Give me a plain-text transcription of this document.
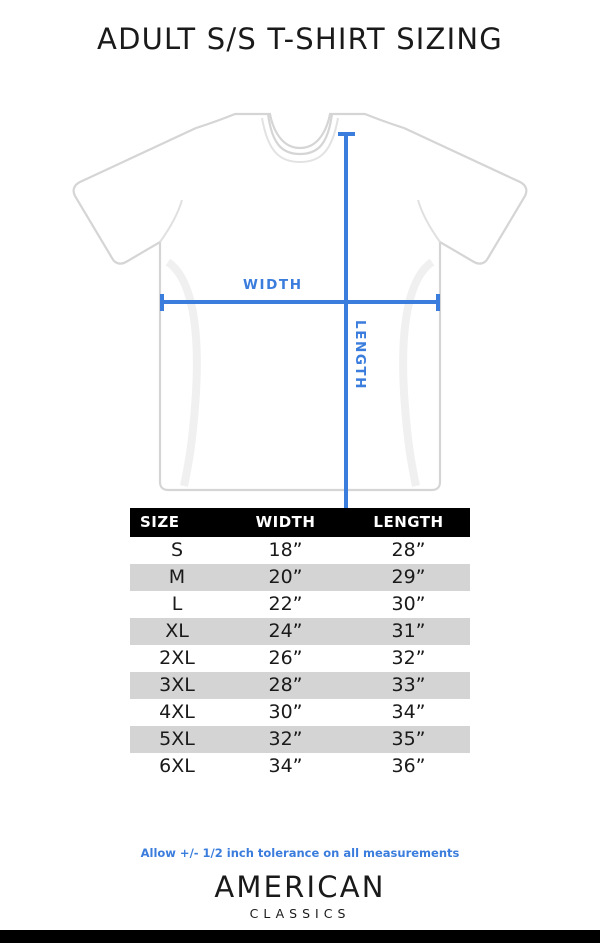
ADULT S/S T-SHIRT SIZING
WIDTH
LENGTH
SIZE	WIDTH	LENGTH
S	18”	28”
M	20”	29”
L	22”	30”
XL	24”	31”
2XL	26”	32”
3XL	28”	33”
4XL	30”	34”
5XL	32”	35”
6XL	34”	36”
Allow +/- 1/2 inch tolerance on all measurements
AMERICAN
CLASSICS
